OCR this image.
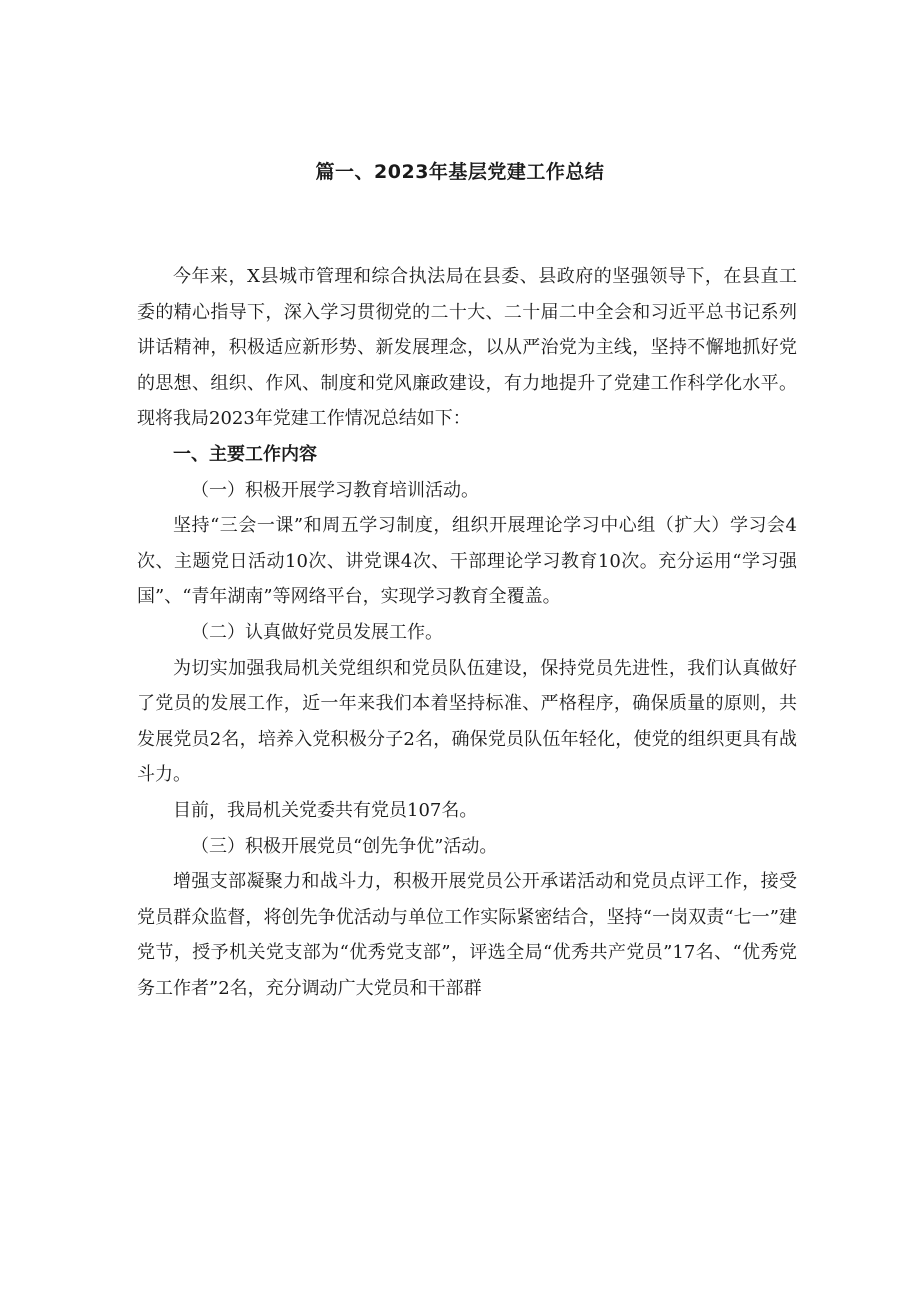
篇一、2023年基层党建工作总结

今年来，X县城市管理和综合执法局在县委、县政府的坚强领导下，在县直工委的精心指导下，深入学习贯彻党的二十大、二十届二中全会和习近平总书记系列讲话精神，积极适应新形势、新发展理念，以从严治党为主线，坚持不懈地抓好党的思想、组织、作风、制度和党风廉政建设，有力地提升了党建工作科学化水平。现将我局2023年党建工作情况总结如下：

一、主要工作内容

（一）积极开展学习教育培训活动。

坚持“三会一课”和周五学习制度，组织开展理论学习中心组（扩大）学习会4次、主题党日活动10次、讲党课4次、干部理论学习教育10次。充分运用“学习强国”、“青年湖南”等网络平台，实现学习教育全覆盖。

（二）认真做好党员发展工作。

为切实加强我局机关党组织和党员队伍建设，保持党员先进性，我们认真做好了党员的发展工作，近一年来我们本着坚持标准、严格程序，确保质量的原则，共发展党员2名，培养入党积极分子2名，确保党员队伍年轻化，使党的组织更具有战斗力。

目前，我局机关党委共有党员107名。

（三）积极开展党员“创先争优”活动。

增强支部凝聚力和战斗力，积极开展党员公开承诺活动和党员点评工作，接受党员群众监督，将创先争优活动与单位工作实际紧密结合，坚持“一岗双责“七一”建党节，授予机关党支部为“优秀党支部”，评选全局“优秀共产党员”17名、“优秀党务工作者”2名，充分调动广大党员和干部群
